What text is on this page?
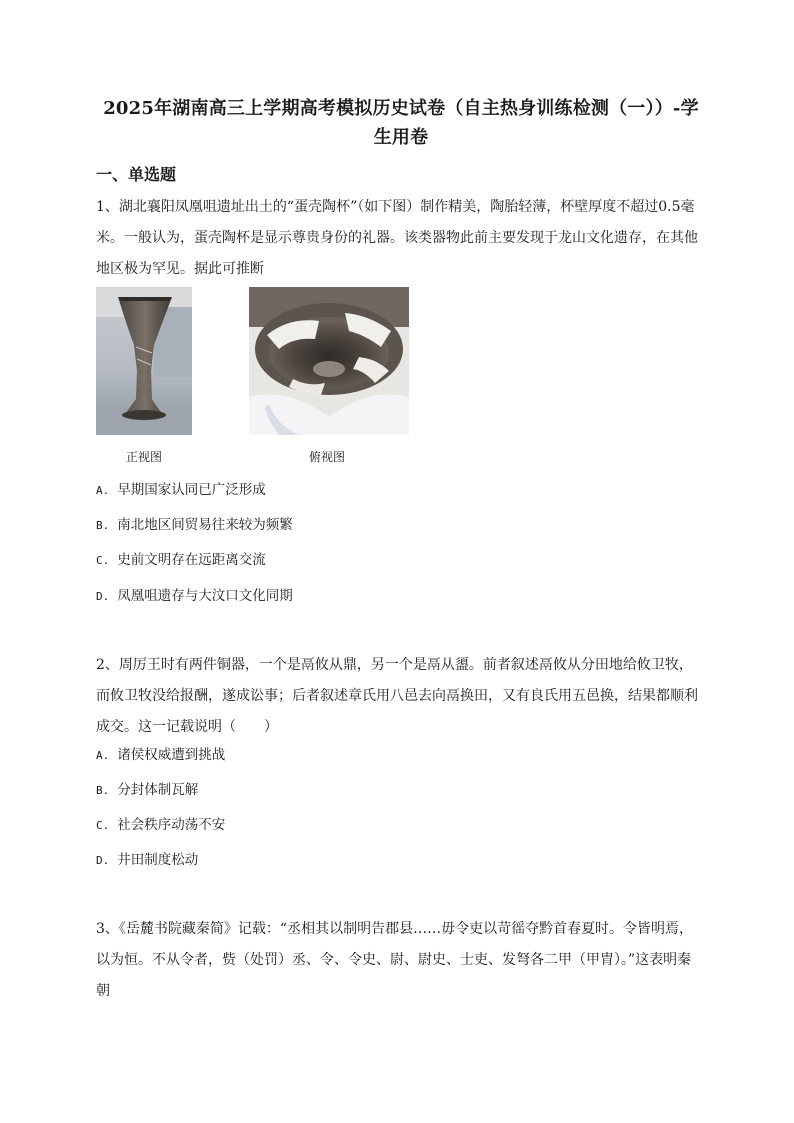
2025年湖南高三上学期高考模拟历史试卷（自主热身训练检测（一））-学生用卷
一、单选题
1、湖北襄阳凤凰咀遗址出土的“蛋壳陶杯”（如下图）制作精美，陶胎轻薄，杯壁厚度不超过0.5毫米。一般认为，蛋壳陶杯是显示尊贵身份的礼器。该类器物此前主要发现于龙山文化遗存，在其他地区极为罕见。据此可推断
正视图	俯视图
A. 早期国家认同已广泛形成
B. 南北地区间贸易往来较为频繁
C. 史前文明存在远距离交流
D. 凤凰咀遗存与大汶口文化同期
2、周厉王时有两件铜器，一个是鬲攸从鼎，另一个是鬲从盨。前者叙述鬲攸从分田地给攸卫牧，而攸卫牧没给报酬，遂成讼事；后者叙述章氏用八邑去向鬲换田，又有良氏用五邑换，结果都顺利成交。这一记载说明（　　）
A. 诸侯权威遭到挑战
B. 分封体制瓦解
C. 社会秩序动荡不安
D. 井田制度松动
3、《岳麓书院藏秦简》记载：“丞相其以制明告郡县……毋令吏以苛徭夺黔首春夏时。令皆明焉，以为恒。不从令者，赀（处罚）丞、令、令史、尉、尉史、士吏、发弩各二甲（甲胄）。”这表明秦朝
